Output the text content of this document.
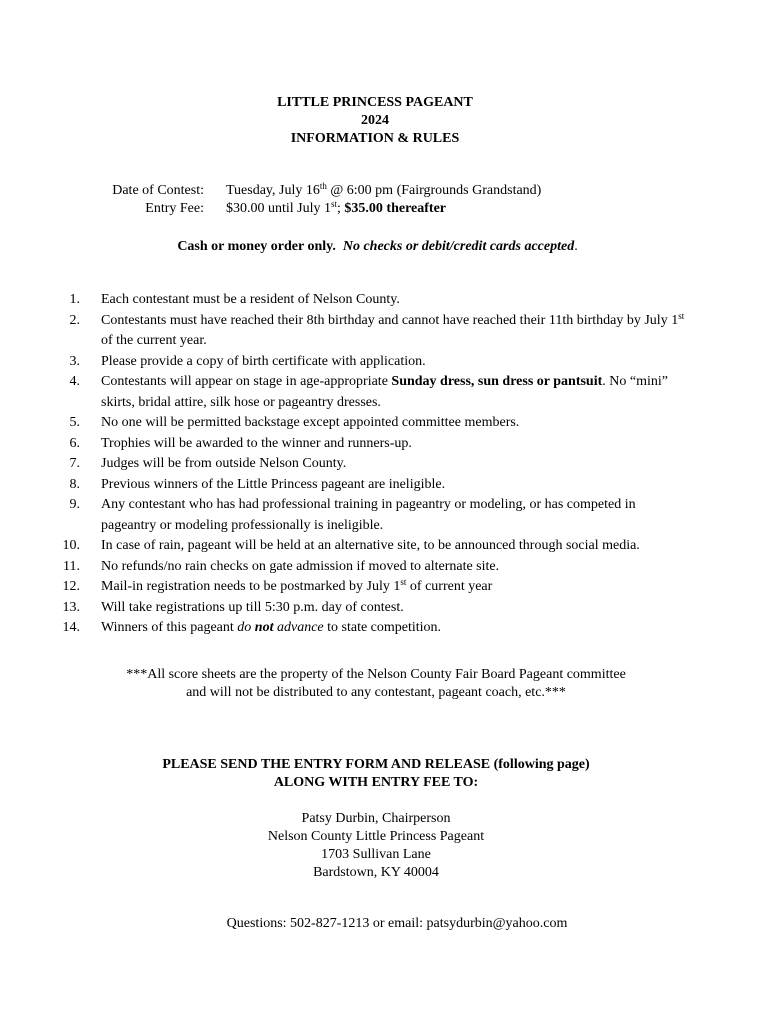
LITTLE PRINCESS PAGEANT
2024
INFORMATION & RULES
Date of Contest: Tuesday, July 16th @ 6:00 pm (Fairgrounds Grandstand)
Entry Fee: $30.00 until July 1st; $35.00 thereafter
Cash or money order only. No checks or debit/credit cards accepted.
1. Each contestant must be a resident of Nelson County.
2. Contestants must have reached their 8th birthday and cannot have reached their 11th birthday by July 1st of the current year.
3. Please provide a copy of birth certificate with application.
4. Contestants will appear on stage in age-appropriate Sunday dress, sun dress or pantsuit. No “mini” skirts, bridal attire, silk hose or pageantry dresses.
5. No one will be permitted backstage except appointed committee members.
6. Trophies will be awarded to the winner and runners-up.
7. Judges will be from outside Nelson County.
8. Previous winners of the Little Princess pageant are ineligible.
9. Any contestant who has had professional training in pageantry or modeling, or has competed in pageantry or modeling professionally is ineligible.
10. In case of rain, pageant will be held at an alternative site, to be announced through social media.
11. No refunds/no rain checks on gate admission if moved to alternate site.
12. Mail-in registration needs to be postmarked by July 1st of current year
13. Will take registrations up till 5:30 p.m. day of contest.
14. Winners of this pageant do not advance to state competition.
***All score sheets are the property of the Nelson County Fair Board Pageant committee
and will not be distributed to any contestant, pageant coach, etc.***
PLEASE SEND THE ENTRY FORM AND RELEASE (following page)
ALONG WITH ENTRY FEE TO:
Patsy Durbin, Chairperson
Nelson County Little Princess Pageant
1703 Sullivan Lane
Bardstown, KY 40004
Questions: 502-827-1213 or email: patsydurbin@yahoo.com
